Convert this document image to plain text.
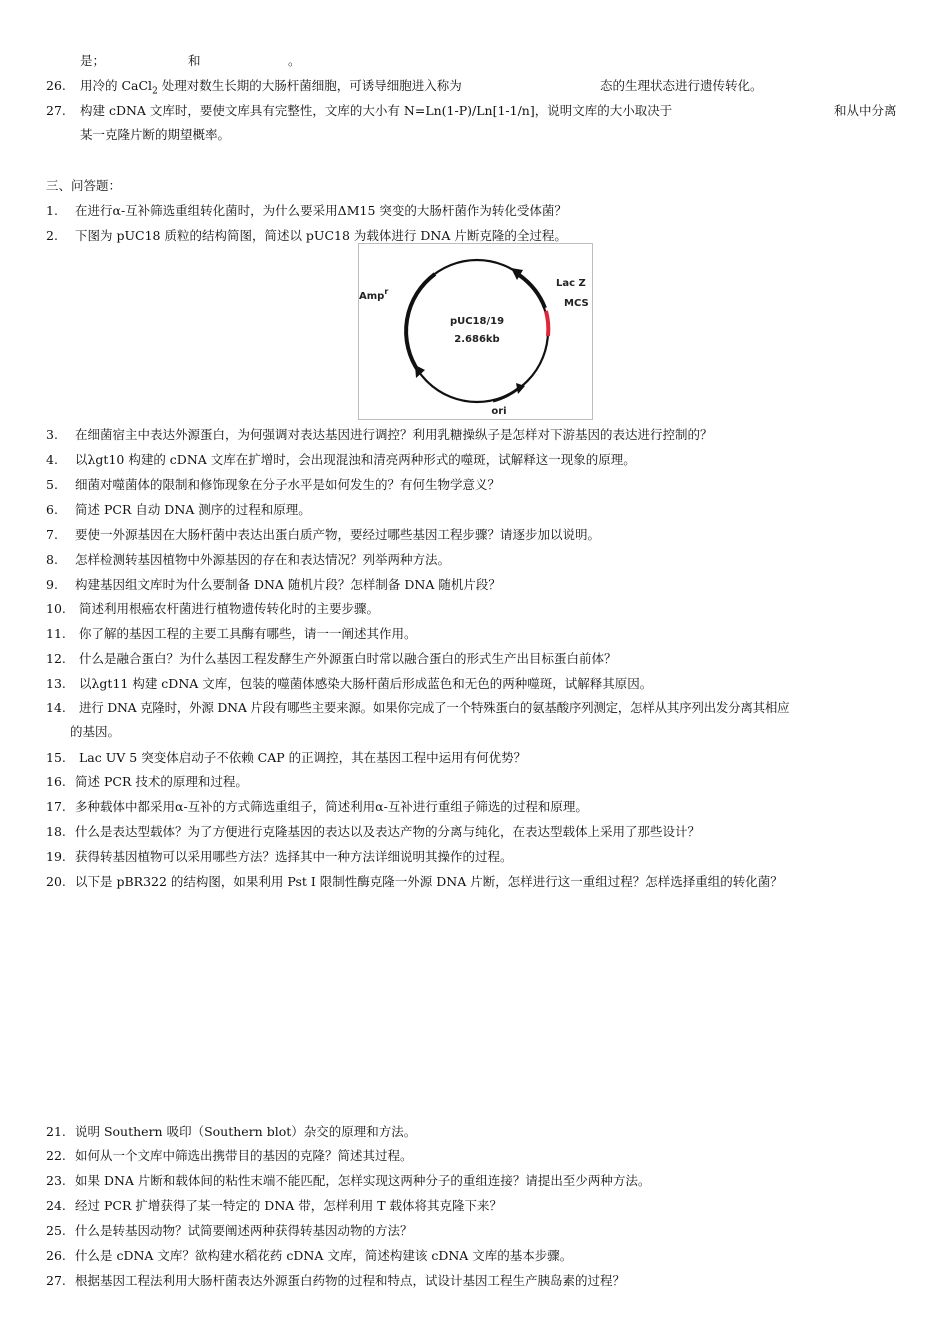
是；	和	。
26. 用冷的 CaCl$_2$ 处理对数生长期的大肠杆菌细胞，可诱导细胞进入称为	态的生理状态进行遗传转化。
27. 构建 cDNA 文库时，要使文库具有完整性，文库的大小有 N=Ln(1-P)/Ln[1-1/n]，说明文库的大小取决于	和从中分离
某一克隆片断的期望概率。
三、问答题：
1. 在进行α-互补筛选重组转化菌时，为什么要采用ΔM15 突变的大肠杆菌作为转化受体菌？
2. 下图为 pUC18 质粒的结构简图，简述以 pUC18 为载体进行 DNA 片断克隆的全过程。
Amp$^r$
Lac Z
MCS
pUC18/19
2.686kb
ori
3. 在细菌宿主中表达外源蛋白，为何强调对表达基因进行调控？利用乳糖操纵子是怎样对下游基因的表达进行控制的？
4. 以λgt10 构建的 cDNA 文库在扩增时，会出现混浊和清亮两种形式的噬斑，试解释这一现象的原理。
5. 细菌对噬菌体的限制和修饰现象在分子水平是如何发生的？有何生物学意义？
6. 简述 PCR 自动 DNA 测序的过程和原理。
7. 要使一外源基因在大肠杆菌中表达出蛋白质产物，要经过哪些基因工程步骤？请逐步加以说明。
8. 怎样检测转基因植物中外源基因的存在和表达情况？列举两种方法。
9. 构建基因组文库时为什么要制备 DNA 随机片段？怎样制备 DNA 随机片段？
10. 简述利用根癌农杆菌进行植物遗传转化时的主要步骤。
11. 你了解的基因工程的主要工具酶有哪些，请一一阐述其作用。
12. 什么是融合蛋白？为什么基因工程发酵生产外源蛋白时常以融合蛋白的形式生产出目标蛋白前体？
13. 以λgt11 构建 cDNA 文库，包装的噬菌体感染大肠杆菌后形成蓝色和无色的两种噬斑，试解释其原因。
14. 进行 DNA 克隆时，外源 DNA 片段有哪些主要来源。如果你完成了一个特殊蛋白的氨基酸序列测定，怎样从其序列出发分离其相应
的基因。
15. Lac UV 5 突变体启动子不依赖 CAP 的正调控，其在基因工程中运用有何优势？
16. 简述 PCR 技术的原理和过程。
17. 多种载体中都采用α-互补的方式筛选重组子，简述利用α-互补进行重组子筛选的过程和原理。
18. 什么是表达型载体？为了方便进行克隆基因的表达以及表达产物的分离与纯化，在表达型载体上采用了那些设计？
19. 获得转基因植物可以采用哪些方法？选择其中一种方法详细说明其操作的过程。
20. 以下是 pBR322 的结构图，如果利用 Pst I 限制性酶克隆一外源 DNA 片断，怎样进行这一重组过程？怎样选择重组的转化菌？
21. 说明 Southern 吸印（Southern blot）杂交的原理和方法。
22. 如何从一个文库中筛选出携带目的基因的克隆？简述其过程。
23. 如果 DNA 片断和载体间的粘性末端不能匹配，怎样实现这两种分子的重组连接？请提出至少两种方法。
24. 经过 PCR 扩增获得了某一特定的 DNA 带，怎样利用 T 载体将其克隆下来？
25. 什么是转基因动物？试简要阐述两种获得转基因动物的方法？
26. 什么是 cDNA 文库？欲构建水稻花药 cDNA 文库，简述构建该 cDNA 文库的基本步骤。
27. 根据基因工程法利用大肠杆菌表达外源蛋白药物的过程和特点，试设计基因工程生产胰岛素的过程？
